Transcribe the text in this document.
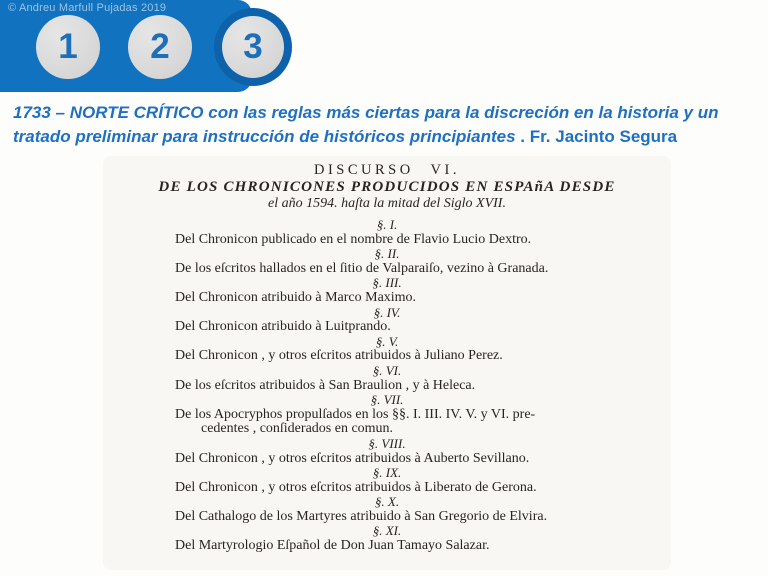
© Andreu Marfull Pujadas 2019
1 2 3
1733 – NORTE CRÍTICO con las reglas más ciertas para la discreción en la historia y un tratado preliminar para instrucción de históricos principiantes . Fr. Jacinto Segura
DISCURSO VI.
DE LOS CHRONICONES PRODUCIDOS EN ESPAñA DESDE
el año 1594. haſta la mitad del Siglo XVII.
§. I.
Del Chronicon publicado en el nombre de Flavio Lucio Dextro.
§. II.
De los eſcritos hallados en el ſitio de Valparaiſo, vezino à Granada.
§. III.
Del Chronicon atribuido à Marco Maximo.
§. IV.
Del Chronicon atribuido à Luitprando.
§. V.
Del Chronicon , y otros eſcritos atribuidos à Juliano Perez.
§. VI.
De los eſcritos atribuidos à San Braulion , y à Heleca.
§. VII.
De los Apocryphos propulſados en los §§. I. III. IV. V. y VI. pre-
cedentes , conſiderados en comun.
§. VIII.
Del Chronicon , y otros eſcritos atribuidos à Auberto Sevillano.
§. IX.
Del Chronicon , y otros eſcritos atribuidos à Liberato de Gerona.
§. X.
Del Cathalogo de los Martyres atribuido à San Gregorio de Elvira.
§. XI.
Del Martyrologio Eſpañol de Don Juan Tamayo Salazar.
